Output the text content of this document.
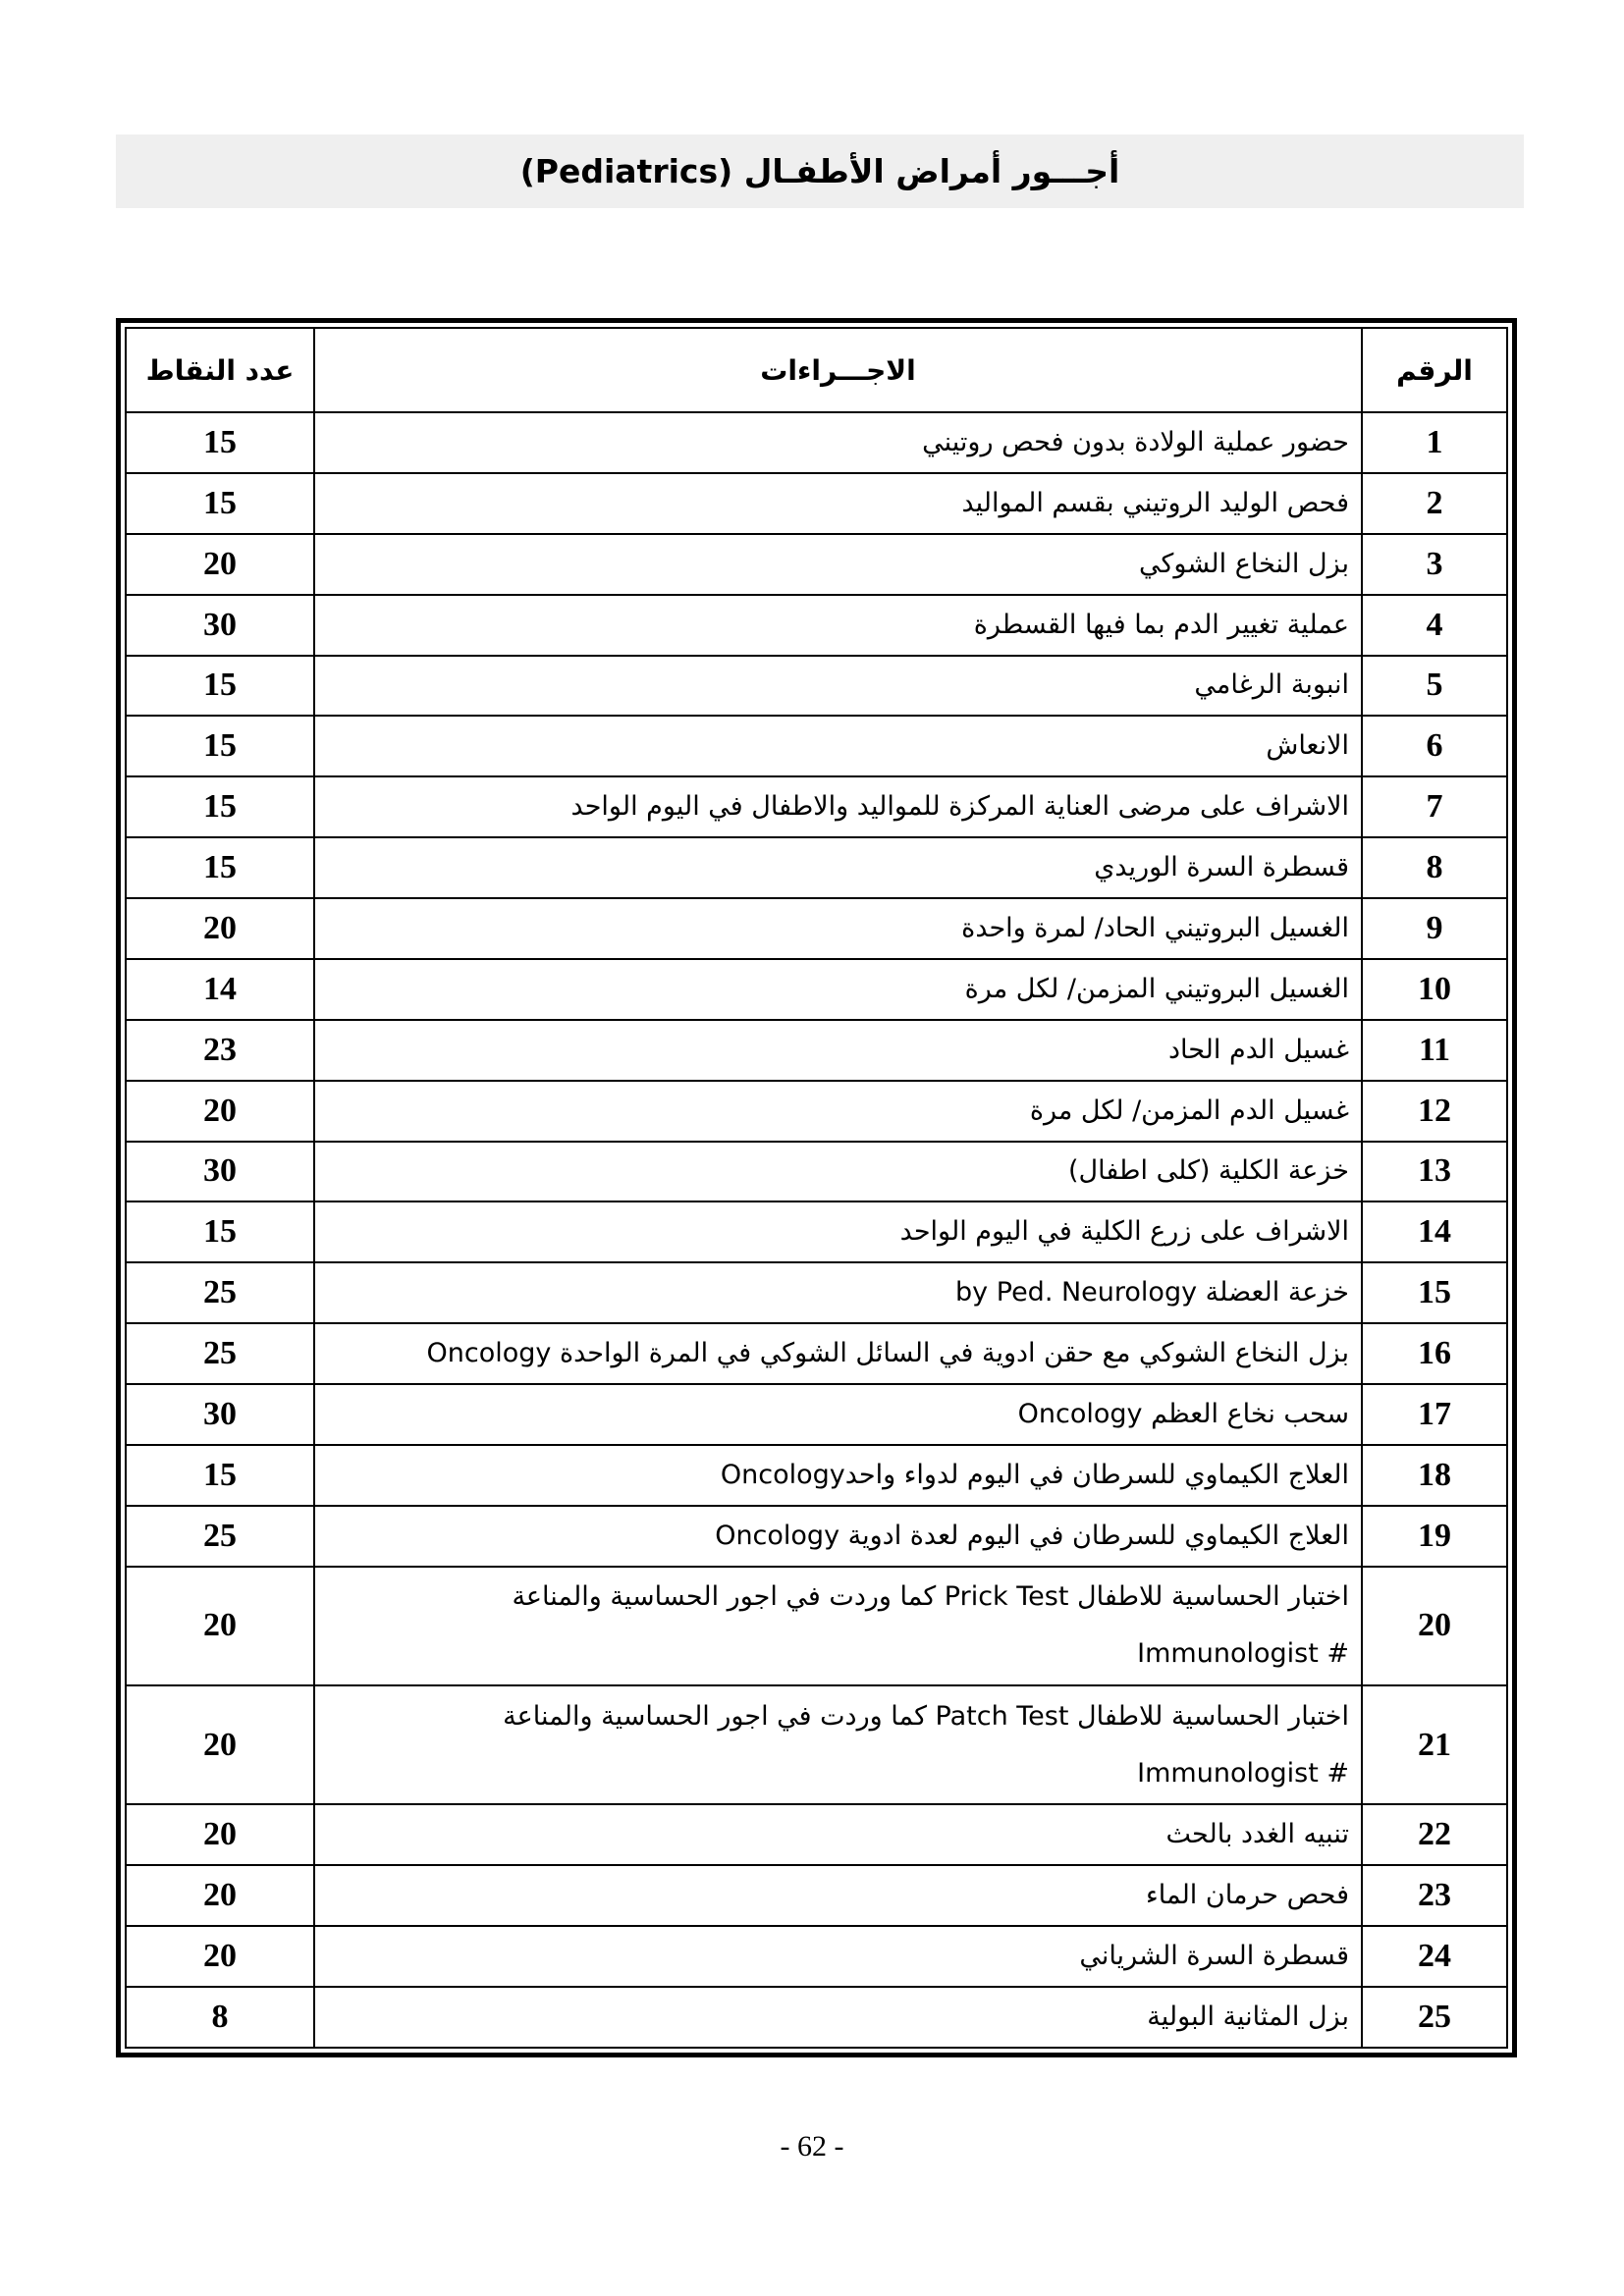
أجـــور أمراض الأطفـال (Pediatrics)
الرقم	الاجـــراءات	عدد النقاط
1	حضور عملية الولادة بدون فحص روتيني	15
2	فحص الوليد الروتيني بقسم المواليد	15
3	بزل النخاع الشوكي	20
4	عملية تغيير الدم بما فيها القسطرة	30
5	انبوبة الرغامي	15
6	الانعاش	15
7	الاشراف على مرضى العناية المركزة للمواليد والاطفال في اليوم الواحد	15
8	قسطرة السرة الوريدي	15
9	الغسيل البروتيني الحاد/ لمرة واحدة	20
10	الغسيل البروتيني المزمن/ لكل مرة	14
11	غسيل الدم الحاد	23
12	غسيل الدم المزمن/ لكل مرة	20
13	خزعة الكلية (كلى اطفال)	30
14	الاشراف على زرع الكلية في اليوم الواحد	15
15	خزعة العضلة by Ped. Neurology	25
16	بزل النخاع الشوكي مع حقن ادوية في السائل الشوكي في المرة الواحدة Oncology	25
17	سحب نخاع العظم Oncology	30
18	العلاج الكيماوي للسرطان في اليوم لدواء واحدOncology	15
19	العلاج الكيماوي للسرطان في اليوم لعدة ادوية Oncology	25
20	اختبار الحساسية للاطفال Prick Test كما وردت في اجور الحساسية والمناعة
Immunologist #	20
21	اختبار الحساسية للاطفال Patch Test كما وردت في اجور الحساسية والمناعة
Immunologist #	20
22	تنبيه الغدد بالحث	20
23	فحص حرمان الماء	20
24	قسطرة السرة الشرياني	20
25	بزل المثانية البولية	8
- 62 -
